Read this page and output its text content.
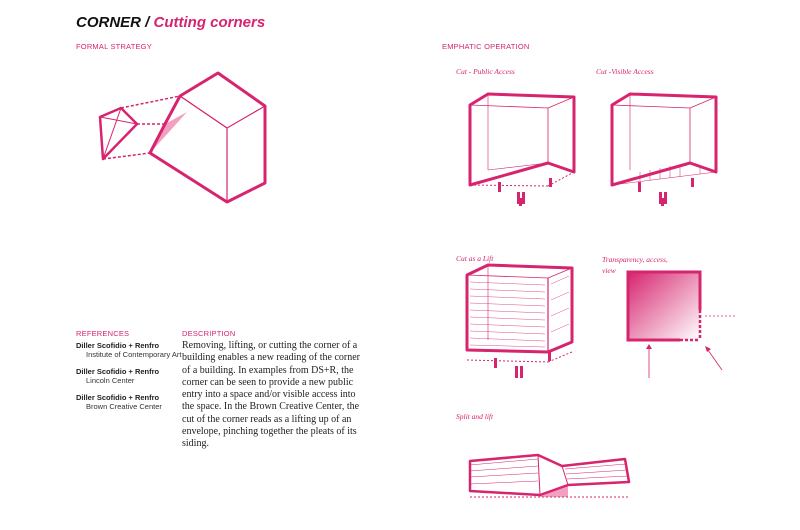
CORNER / Cutting corners
FORMAL STRATEGY	EMPHATIC OPERATION
Cut - Public Access	Cut -Visible Access
Cut as a Lift	Transparency, access,
view
Split and lift
REFERENCES
Diller Scofidio + Renfro
Institute of Contemporary Art
Diller Scofidio + Renfro
Lincoln Center
Diller Scofidio + Renfro
Brown Creative Center
DESCRIPTION
Removing, lifting, or cutting the corner of a building enables a new reading of the corner of a building. In examples from DS+R, the corner can be seen to provide a new public entry into a space and/or visible access into the space. In the Brown Creative Center, the cut of the corner reads as a lifting up of an envelope, pinching together the pleats of its siding.
